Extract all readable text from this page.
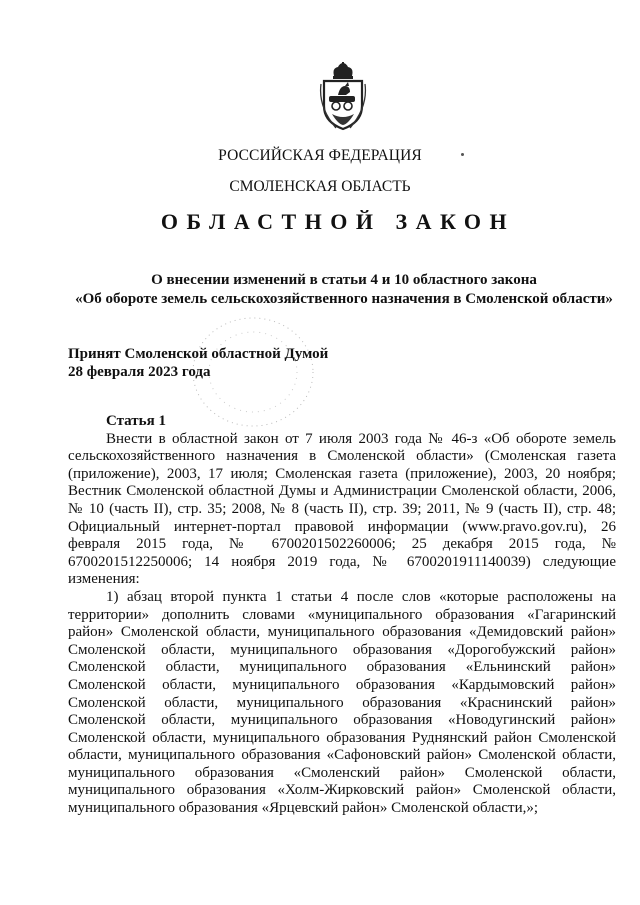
РОССИЙСКАЯ ФЕДЕРАЦИЯ
СМОЛЕНСКАЯ ОБЛАСТЬ
ОБЛАСТНОЙ ЗАКОН
О внесении изменений в статьи 4 и 10 областного закона
«Об обороте земель сельскохозяйственного назначения в Смоленской области»
Принят Смоленской областной Думой
28 февраля 2023 года

Статья 1

Внести в областной закон от 7 июля 2003 года № 46-з «Об обороте земель сельскохозяйственного назначения в Смоленской области» (Смоленская газета (приложение), 2003, 17 июля; Смоленская газета (приложение), 2003, 20 ноября; Вестник Смоленской областной Думы и Администрации Смоленской области, 2006, № 10 (часть II), стр. 35; 2008, № 8 (часть II), стр. 39; 2011, № 9 (часть II), стр. 48; Официальный интернет-портал правовой информации (www.pravo.gov.ru), 26 февраля 2015 года, № 6700201502260006; 25 декабря 2015 года, № 6700201512250006; 14 ноября 2019 года, № 6700201911140039) следующие изменения:

1) абзац второй пункта 1 статьи 4 после слов «которые расположены на территории» дополнить словами «муниципального образования «Гагаринский район» Смоленской области, муниципального образования «Демидовский район» Смоленской области, муниципального образования «Дорогобужский район» Смоленской области, муниципального образования «Ельнинский район» Смоленской области, муниципального образования «Кардымовский район» Смоленской области, муниципального образования «Краснинский район» Смоленской области, муниципального образования «Новодугинский район» Смоленской области, муниципального образования Руднянский район Смоленской области, муниципального образования «Сафоновский район» Смоленской области, муниципального образования «Смоленский район» Смоленской области, муниципального образования «Холм-Жирковский район» Смоленской области, муниципального образования «Ярцевский район» Смоленской области,»;
